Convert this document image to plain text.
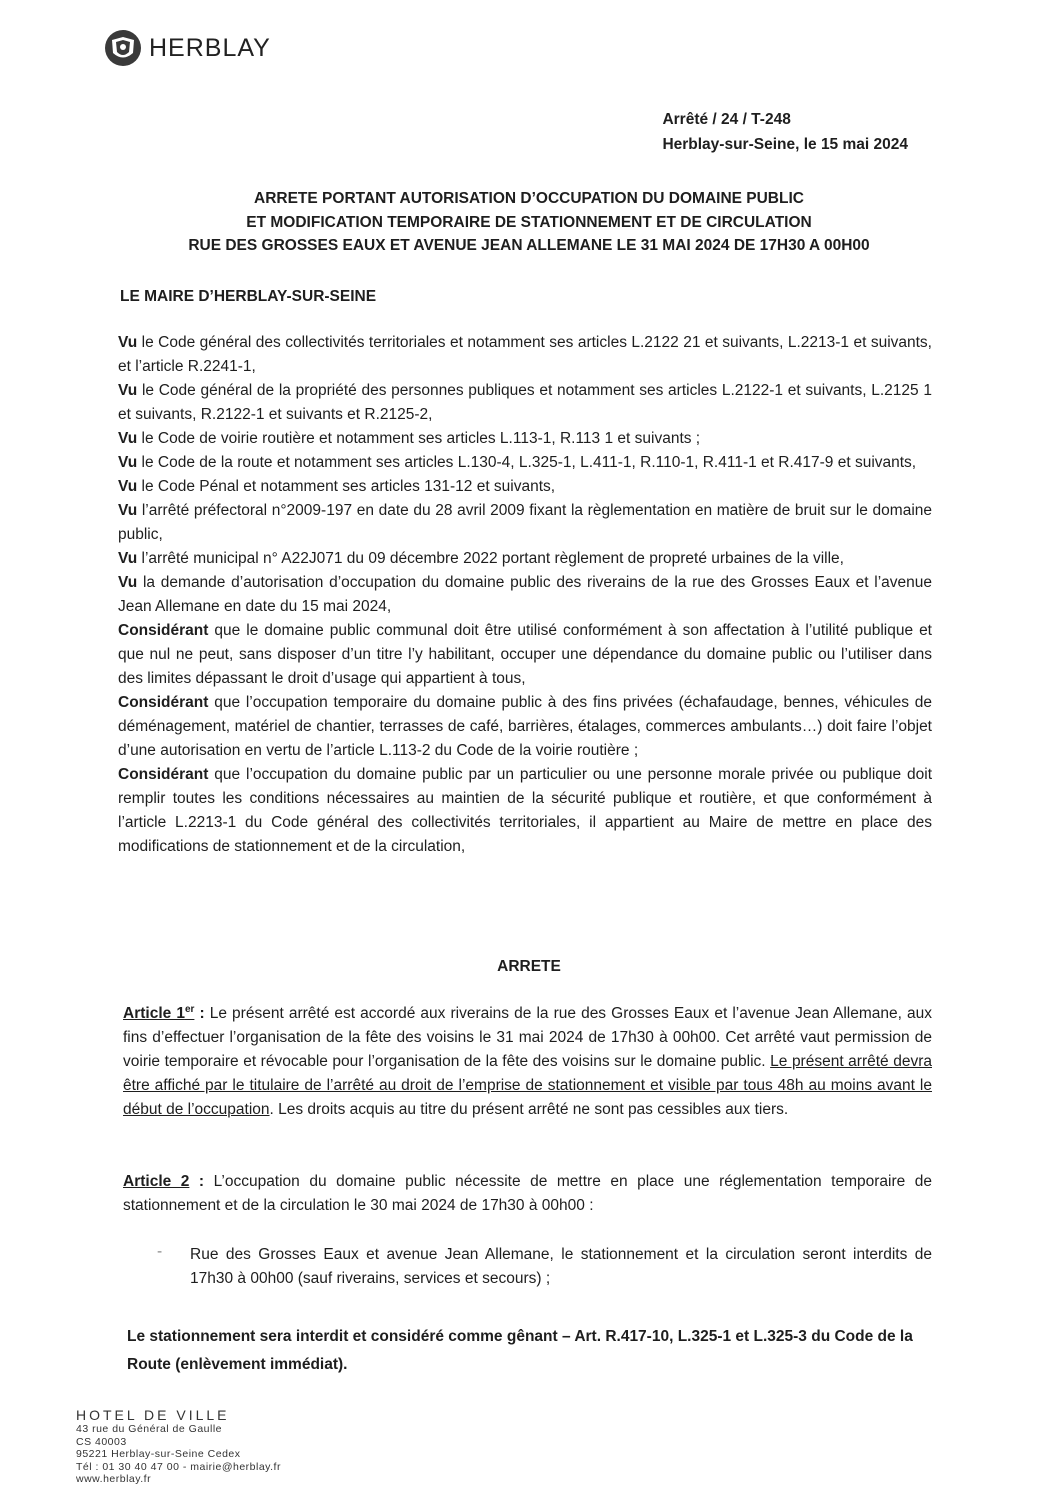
HERBLAY
Arrêté / 24 / T-248
Herblay-sur-Seine, le 15 mai 2024
ARRETE PORTANT AUTORISATION D’OCCUPATION DU DOMAINE PUBLIC
ET MODIFICATION TEMPORAIRE DE STATIONNEMENT ET DE CIRCULATION
RUE DES GROSSES EAUX ET AVENUE JEAN ALLEMANE LE 31 MAI 2024 DE 17H30 A 00H00
LE MAIRE D’HERBLAY-SUR-SEINE

Vu le Code général des collectivités territoriales et notamment ses articles L.2122 21 et suivants, L.2213-1 et suivants, et l’article R.2241-1,

Vu le Code général de la propriété des personnes publiques et notamment ses articles L.2122-1 et suivants, L.2125 1 et suivants, R.2122-1 et suivants et R.2125-2,

Vu le Code de voirie routière et notamment ses articles L.113-1, R.113 1 et suivants ;

Vu le Code de la route et notamment ses articles L.130-4, L.325-1, L.411-1, R.110-1, R.411-1 et R.417-9 et suivants,

Vu le Code Pénal et notamment ses articles 131-12 et suivants,

Vu l’arrêté préfectoral n°2009-197 en date du 28 avril 2009 fixant la règlementation en matière de bruit sur le domaine public,

Vu l’arrêté municipal n° A22J071 du 09 décembre 2022 portant règlement de propreté urbaines de la ville,

Vu la demande d’autorisation d’occupation du domaine public des riverains de la rue des Grosses Eaux et l’avenue Jean Allemane en date du 15 mai 2024,

Considérant que le domaine public communal doit être utilisé conformément à son affectation à l’utilité publique et que nul ne peut, sans disposer d’un titre l’y habilitant, occuper une dépendance du domaine public ou l’utiliser dans des limites dépassant le droit d’usage qui appartient à tous,

Considérant que l’occupation temporaire du domaine public à des fins privées (échafaudage, bennes, véhicules de déménagement, matériel de chantier, terrasses de café, barrières, étalages, commerces ambulants…) doit faire l’objet d’une autorisation en vertu de l’article L.113-2 du Code de la voirie routière ;

Considérant que l’occupation du domaine public par un particulier ou une personne morale privée ou publique doit remplir toutes les conditions nécessaires au maintien de la sécurité publique et routière, et que conformément à l’article L.2213-1 du Code général des collectivités territoriales, il appartient au Maire de mettre en place des modifications de stationnement et de la circulation,

ARRETE
Article 1er : Le présent arrêté est accordé aux riverains de la rue des Grosses Eaux et l’avenue Jean Allemane, aux fins d’effectuer l’organisation de la fête des voisins le 31 mai 2024 de 17h30 à 00h00. Cet arrêté vaut permission de voirie temporaire et révocable pour l’organisation de la fête des voisins sur le domaine public. Le présent arrêté devra être affiché par le titulaire de l’arrêté au droit de l’emprise de stationnement et visible par tous 48h au moins avant le début de l’occupation. Les droits acquis au titre du présent arrêté ne sont pas cessibles aux tiers.
Article 2 : L’occupation du domaine public nécessite de mettre en place une réglementation temporaire de stationnement et de la circulation le 30 mai 2024 de 17h30 à 00h00 :
- Rue des Grosses Eaux et avenue Jean Allemane, le stationnement et la circulation seront interdits de 17h30 à 00h00 (sauf riverains, services et secours) ;
Le stationnement sera interdit et considéré comme gênant – Art. R.417-10, L.325-1 et L.325-3 du Code de la Route (enlèvement immédiat).
HOTEL DE VILLE
43 rue du Général de Gaulle
CS 40003
95221 Herblay-sur-Seine Cedex
Tél : 01 30 40 47 00 - mairie@herblay.fr
www.herblay.fr
